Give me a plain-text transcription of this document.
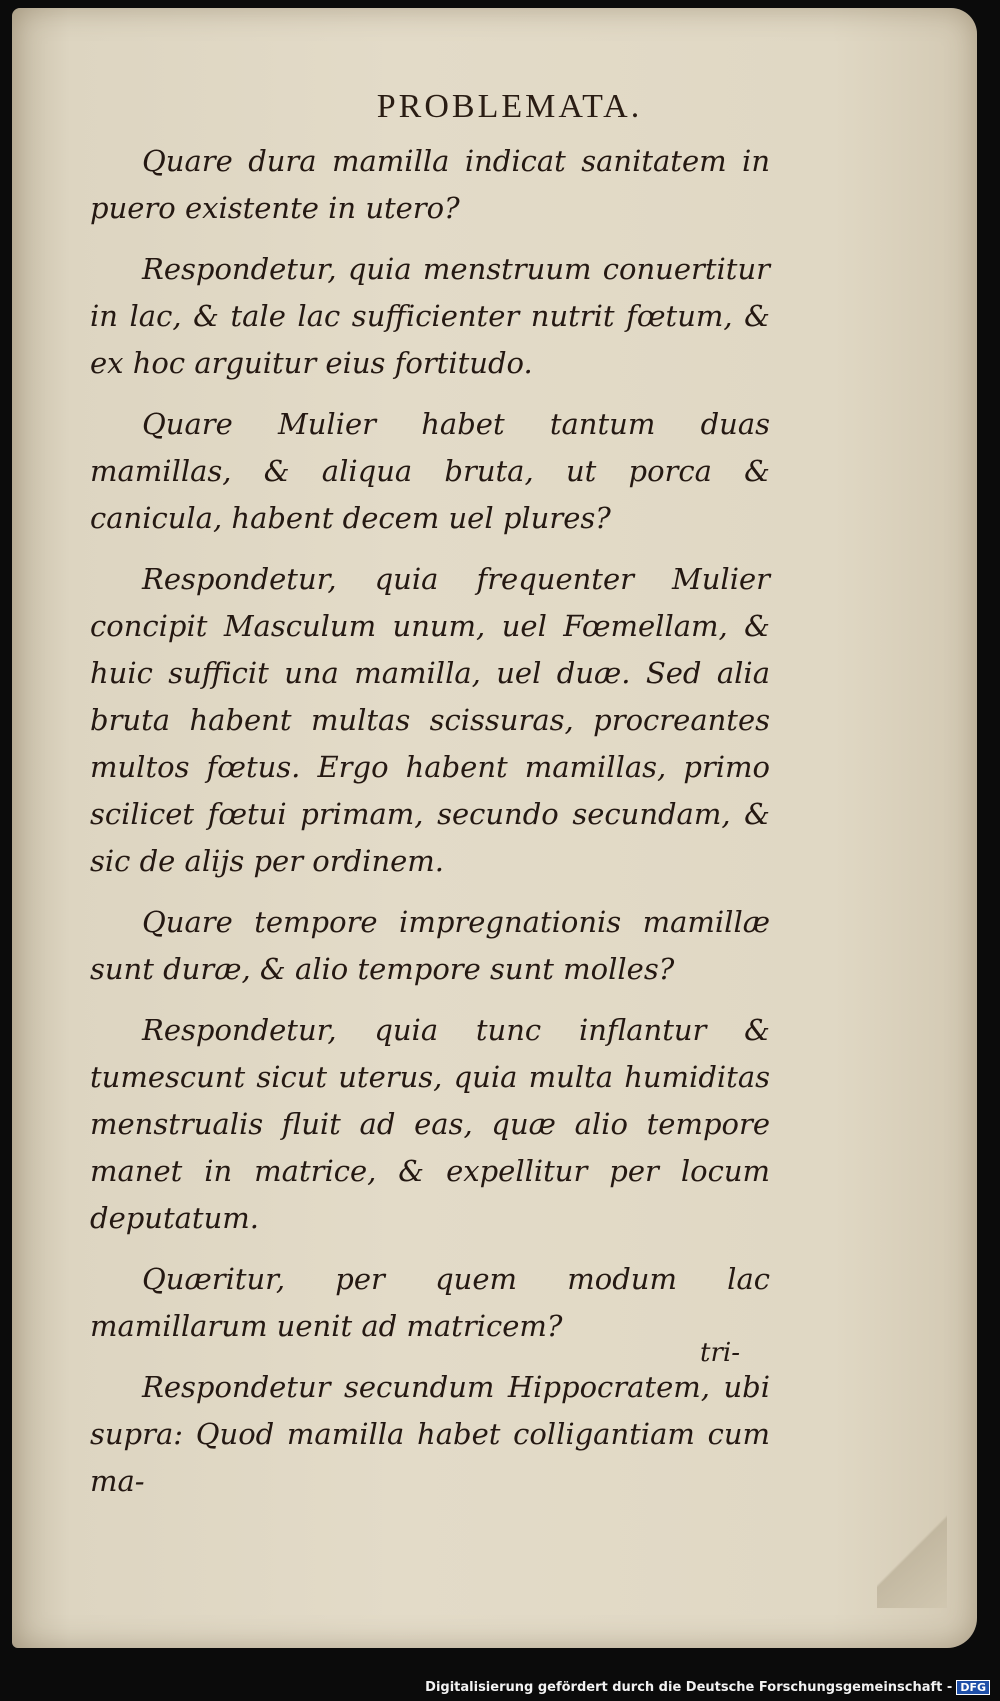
PROBLEMATA.

Quare dura mamilla indicat sanitatem in puero existente in utero?

Respondetur, quia menstruum conuertitur in lac, & tale lac sufficienter nutrit fœtum, & ex hoc arguitur eius fortitudo.

Quare Mulier habet tantum duas mamillas, & aliqua bruta, ut porca & canicula, habent decem uel plures?

Respondetur, quia frequenter Mulier concipit Masculum unum, uel Fœmellam, & huic sufficit una mamilla, uel duæ. Sed alia bruta habent multas scissuras, procreantes multos fœtus. Ergo habent mamillas, primo scilicet fœtui primam, secundo secundam, & sic de alijs per ordinem.

Quare tempore impregnationis mamillæ sunt duræ, & alio tempore sunt molles?

Respondetur, quia tunc inflantur & tumescunt sicut uterus, quia multa humiditas menstrualis fluit ad eas, quæ alio tempore manet in matrice, & expellitur per locum deputatum.

Quæritur, per quem modum lac mamillarum uenit ad matricem?

Respondetur secundum Hippocratem, ubi supra: Quod mamilla habet colligantiam cum ma-

tri-
Digitalisierung gefördert durch die Deutsche Forschungsgemeinschaft - DFG
